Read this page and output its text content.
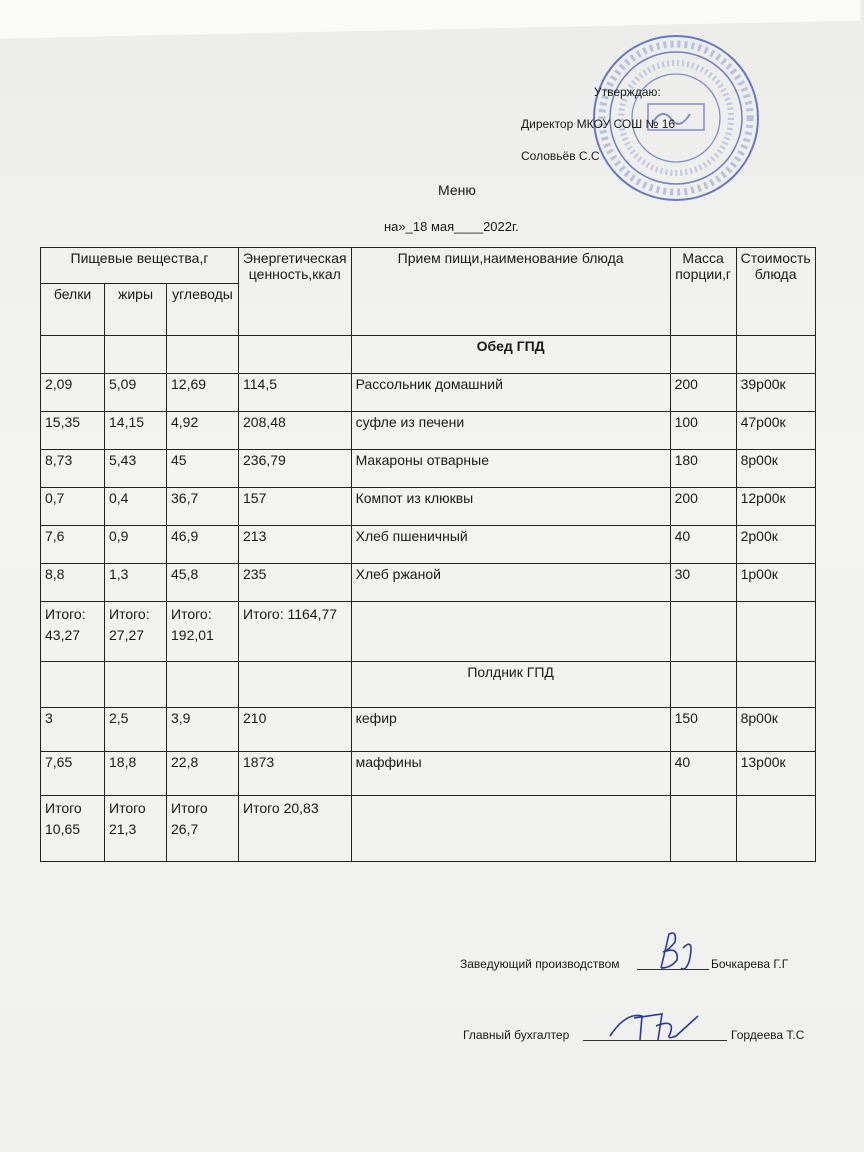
Утверждаю:
Директор МКОУ СОШ № 16
Соловьёв С.С
Меню
на»_18 мая____2022г.
Пищевые вещества,г			Энергетическая ценность,ккал	Прием пищи,наименование блюда	Масса порции,г	Стоимость блюда
белки	жиры	углеводы				
				Обед ГПД		
2,09	5,09	12,69	114,5	Рассольник домашний	200	39р00к
15,35	14,15	4,92	208,48	суфле из печени	100	47р00к
8,73	5,43	45	236,79	Макароны отварные	180	8р00к
0,7	0,4	36,7	157	Компот из клюквы	200	12р00к
7,6	0,9	46,9	213	Хлеб пшеничный	40	2р00к
8,8	1,3	45,8	235	Хлеб ржаной	30	1р00к
Итого: 43,27	Итого: 27,27	Итого: 192,01	Итого: 1164,77			
				Полдник ГПД		
3	2,5	3,9	210	кефир	150	8р00к
7,65	18,8	22,8	1873	маффины	40	13р00к
Итого 10,65	Итого 21,3	Итого 26,7	Итого 20,83			
Заведующий производством	Бочкарева Г.Г
Главный бухгалтер	Гордеева Т.С
